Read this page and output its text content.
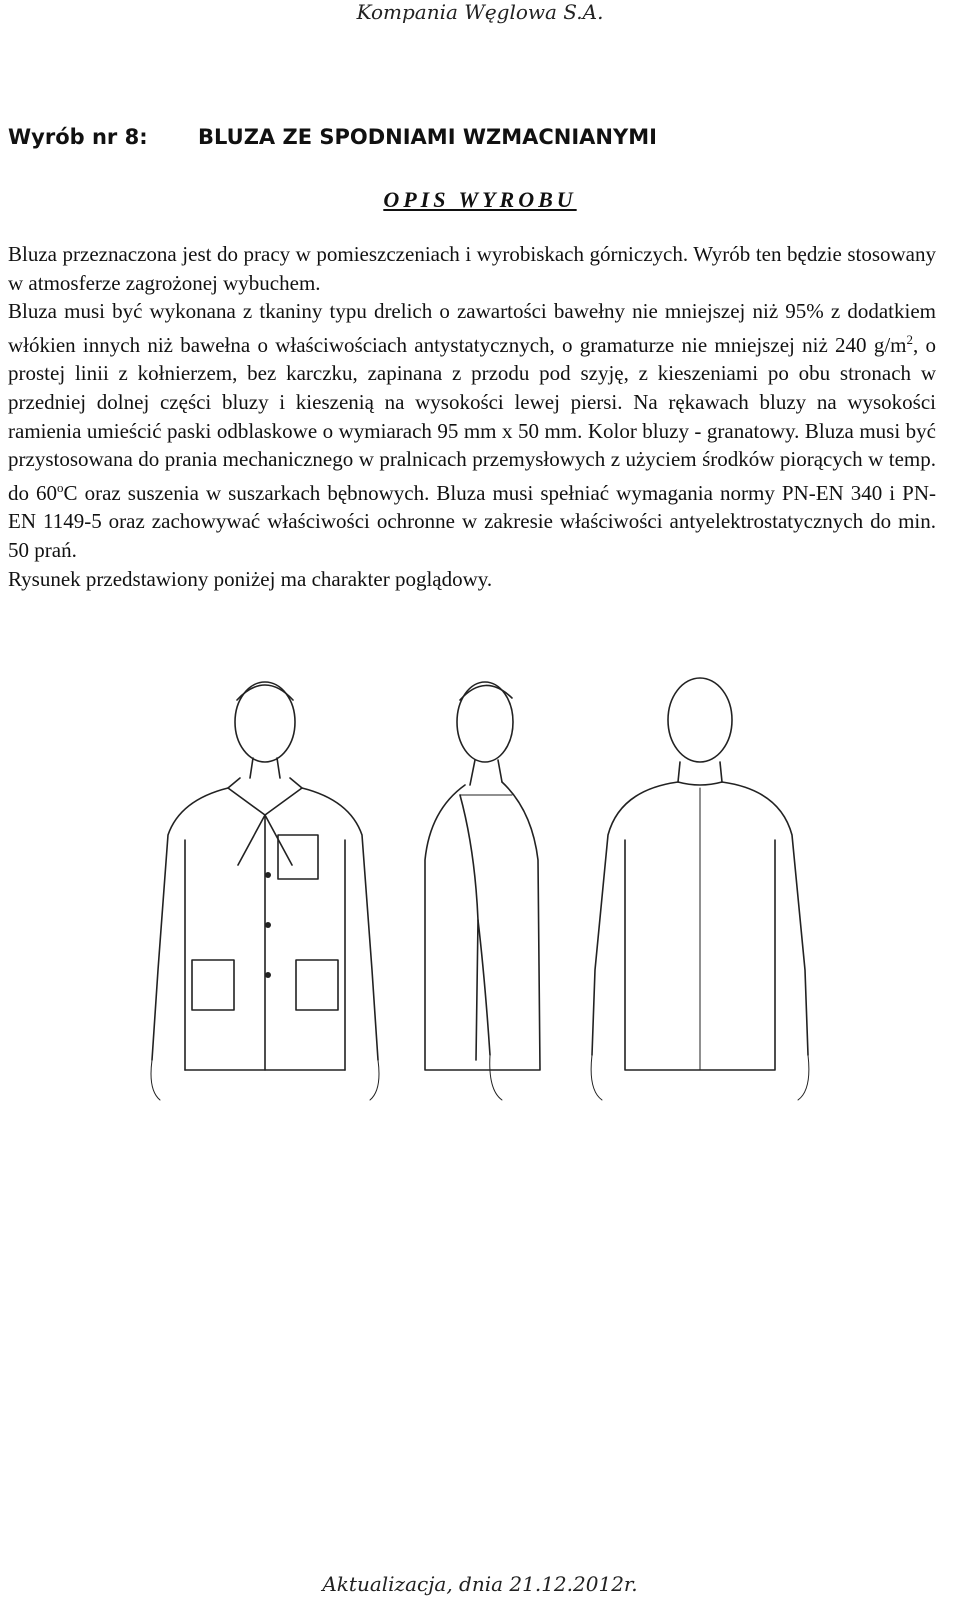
Kompania Węglowa S.A.
Wyrób nr 8: BLUZA ZE SPODNIAMI WZMACNIANYMI
OPIS WYROBU

Bluza przeznaczona jest do pracy w pomieszczeniach i wyrobiskach górniczych. Wyrób ten będzie stosowany w atmosferze zagrożonej wybuchem.

Bluza musi być wykonana z tkaniny typu drelich o zawartości bawełny nie mniejszej niż 95% z dodatkiem włókien innych niż bawełna o właściwościach antystatycznych, o gramaturze nie mniejszej niż 240 $g/m^2$, o prostej linii z kołnierzem, bez karczku, zapinana z przodu pod szyję, z kieszeniami po obu stronach w przedniej dolnej części bluzy i kieszenią na wysokości lewej piersi. Na rękawach bluzy na wysokości ramienia umieścić paski odblaskowe o wymiarach 95 mm x 50 mm. Kolor bluzy - granatowy. Bluza musi być przystosowana do prania mechanicznego w pralnicach przemysłowych z użyciem środków piorących w temp. do 60$^o$C oraz suszenia w suszarkach bębnowych. Bluza musi spełniać wymagania normy PN-EN 340 i PN-EN 1149-5 oraz zachowywać właściwości ochronne w zakresie właściwości antyelektrostatycznych do min. 50 prań.

Rysunek przedstawiony poniżej ma charakter poglądowy.

Aktualizacja, dnia 21.12.2012r.
